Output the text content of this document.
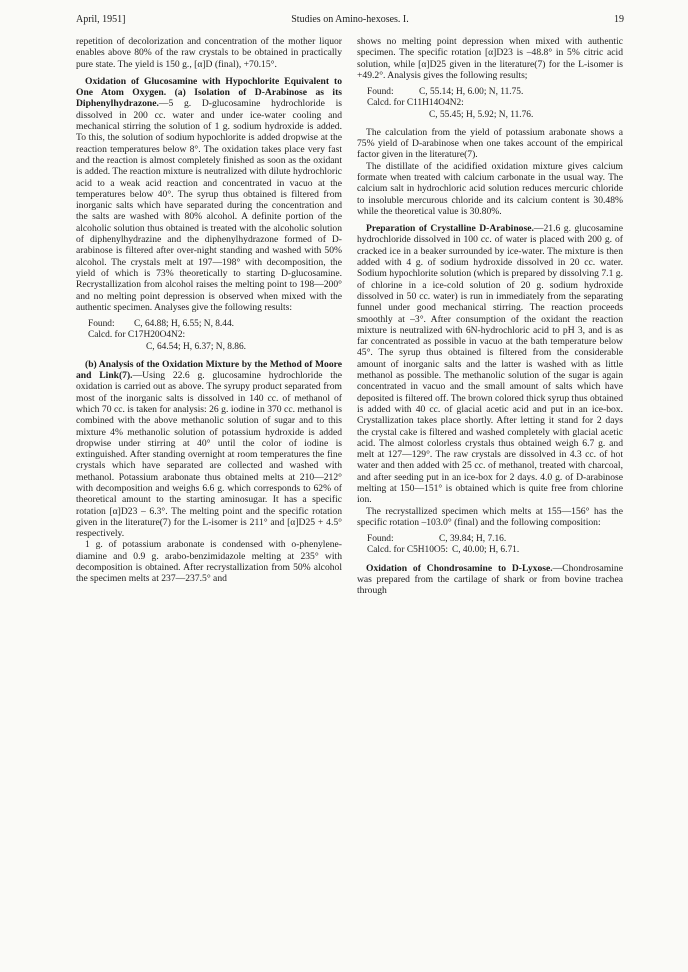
April, 1951]	Studies on Amino-hexoses. I.	19

repetition of decolorization and concentration of the mother liquor enables above 80% of the raw crystals to be obtained in practically pure state. The yield is 150 g., [α]D (final), +70.15°.

Oxidation of Glucosamine with Hypochlorite Equivalent to One Atom Oxygen. (a) Isolation of D-Arabinose as its Diphenylhydrazone.—5 g. D-glucosamine hydrochloride is dissolved in 200 cc. water and under ice-water cooling and mechanical stirring the solution of 1 g. sodium hydroxide is added. To this, the solution of sodium hypochlorite is added dropwise at the reaction temperatures below 8°. The oxidation takes place very fast and the reaction is almost completely finished as soon as the oxidant is added. The reaction mixture is neutralized with dilute hydrochloric acid to a weak acid reaction and concentrated in vacuo at the temperatures below 40°. The syrup thus obtained is filtered from inorganic salts which have separated during the concentration and the salts are washed with 80% alcohol. A definite portion of the alcoholic solution thus obtained is treated with the alcoholic solution of diphenylhydrazine and the diphenylhydrazone formed of D-arabinose is filtered after over-night standing and washed with 50% alcohol. The crystals melt at 197—198° with decomposition, the yield of which is 73% theoretically to starting D-glucosamine. Recrystallization from alcohol raises the melting point to 198—200° and no melting point depression is observed when mixed with the authentic specimen. Analyses give the following results:

Found:	C, 64.88; H, 6.55; N, 8.44.
Calcd. for C17H20O4N2:
C, 64.54; H, 6.37; N, 8.86.

(b) Analysis of the Oxidation Mixture by the Method of Moore and Link(7).—Using 22.6 g. glucosamine hydrochloride the oxidation is carried out as above. The syrupy product separated from most of the inorganic salts is dissolved in 140 cc. of methanol of which 70 cc. is taken for analysis: 26 g. iodine in 370 cc. methanol is combined with the above methanolic solution of sugar and to this mixture 4% methanolic solution of potassium hydroxide is added dropwise under stirring at 40° until the color of iodine is extinguished. After standing overnight at room temperatures the fine crystals which have separated are collected and washed with methanol. Potassium arabonate thus obtained melts at 210—212° with decomposition and weighs 6.6 g. which corresponds to 62% of theoretical amount to the starting aminosugar. It has a specific rotation [α]D23 – 6.3°. The melting point and the specific rotation given in the literature(7) for the L-isomer is 211° and [α]D25 + 4.5° respectively.

1 g. of potassium arabonate is condensed with o-phenylene-diamine and 0.9 g. arabo-benzimidazole melting at 235° with decomposition is obtained. After recrystallization from 50% alcohol the specimen melts at 237—237.5° and

shows no melting point depression when mixed with authentic specimen. The specific rotation [α]D23 is –48.8° in 5% citric acid solution, while [α]D25 given in the literature(7) for the L-isomer is +49.2°. Analysis gives the following results;

Found:	C, 55.14; H, 6.00; N, 11.75.
Calcd. for C11H14O4N2:
C, 55.45; H, 5.92; N, 11.76.

The calculation from the yield of potassium arabonate shows a 75% yield of D-arabinose when one takes account of the empirical factor given in the literature(7).

The distillate of the acidified oxidation mixture gives calcium formate when treated with calcium carbonate in the usual way. The calcium salt in hydrochloric acid solution reduces mercuric chloride to insoluble mercurous chloride and its calcium content is 30.48% while the theoretical value is 30.80%.

Preparation of Crystalline D-Arabinose.—21.6 g. glucosamine hydrochloride dissolved in 100 cc. of water is placed with 200 g. of cracked ice in a beaker surrounded by ice-water. The mixture is then added with 4 g. of sodium hydroxide dissolved in 20 cc. water. Sodium hypochlorite solution (which is prepared by dissolving 7.1 g. of chlorine in a ice-cold solution of 20 g. sodium hydroxide dissolved in 50 cc. water) is run in immediately from the separating funnel under good mechanical stirring. The reaction proceeds smoothly at –3°. After consumption of the oxidant the reaction mixture is neutralized with 6N-hydrochloric acid to pH 3, and is as far concentrated as possible in vacuo at the bath temperature below 45°. The syrup thus obtained is filtered from the considerable amount of inorganic salts and the latter is washed with as little methanol as possible. The methanolic solution of the sugar is again concentrated in vacuo and the small amount of salts which have deposited is filtered off. The brown colored thick syrup thus obtained is added with 40 cc. of glacial acetic acid and put in an ice-box. Crystallization takes place shortly. After letting it stand for 2 days the crystal cake is filtered and washed completely with glacial acetic acid. The almost colorless crystals thus obtained weigh 6.7 g. and melt at 127—129°. The raw crystals are dissolved in 4.3 cc. of hot water and then added with 25 cc. of methanol, treated with charcoal, and after seeding put in an ice-box for 2 days. 4.0 g. of D-arabinose melting at 150—151° is obtained which is quite free from chlorine ion.

The recrystallized specimen which melts at 155—156° has the specific rotation –103.0° (final) and the following composition:

Found:	C, 39.84; H, 7.16.
Calcd. for C5H10O5: C, 40.00; H, 6.71.

Oxidation of Chondrosamine to D-Lyxose.—Chondrosamine was prepared from the cartilage of shark or from bovine trachea through
